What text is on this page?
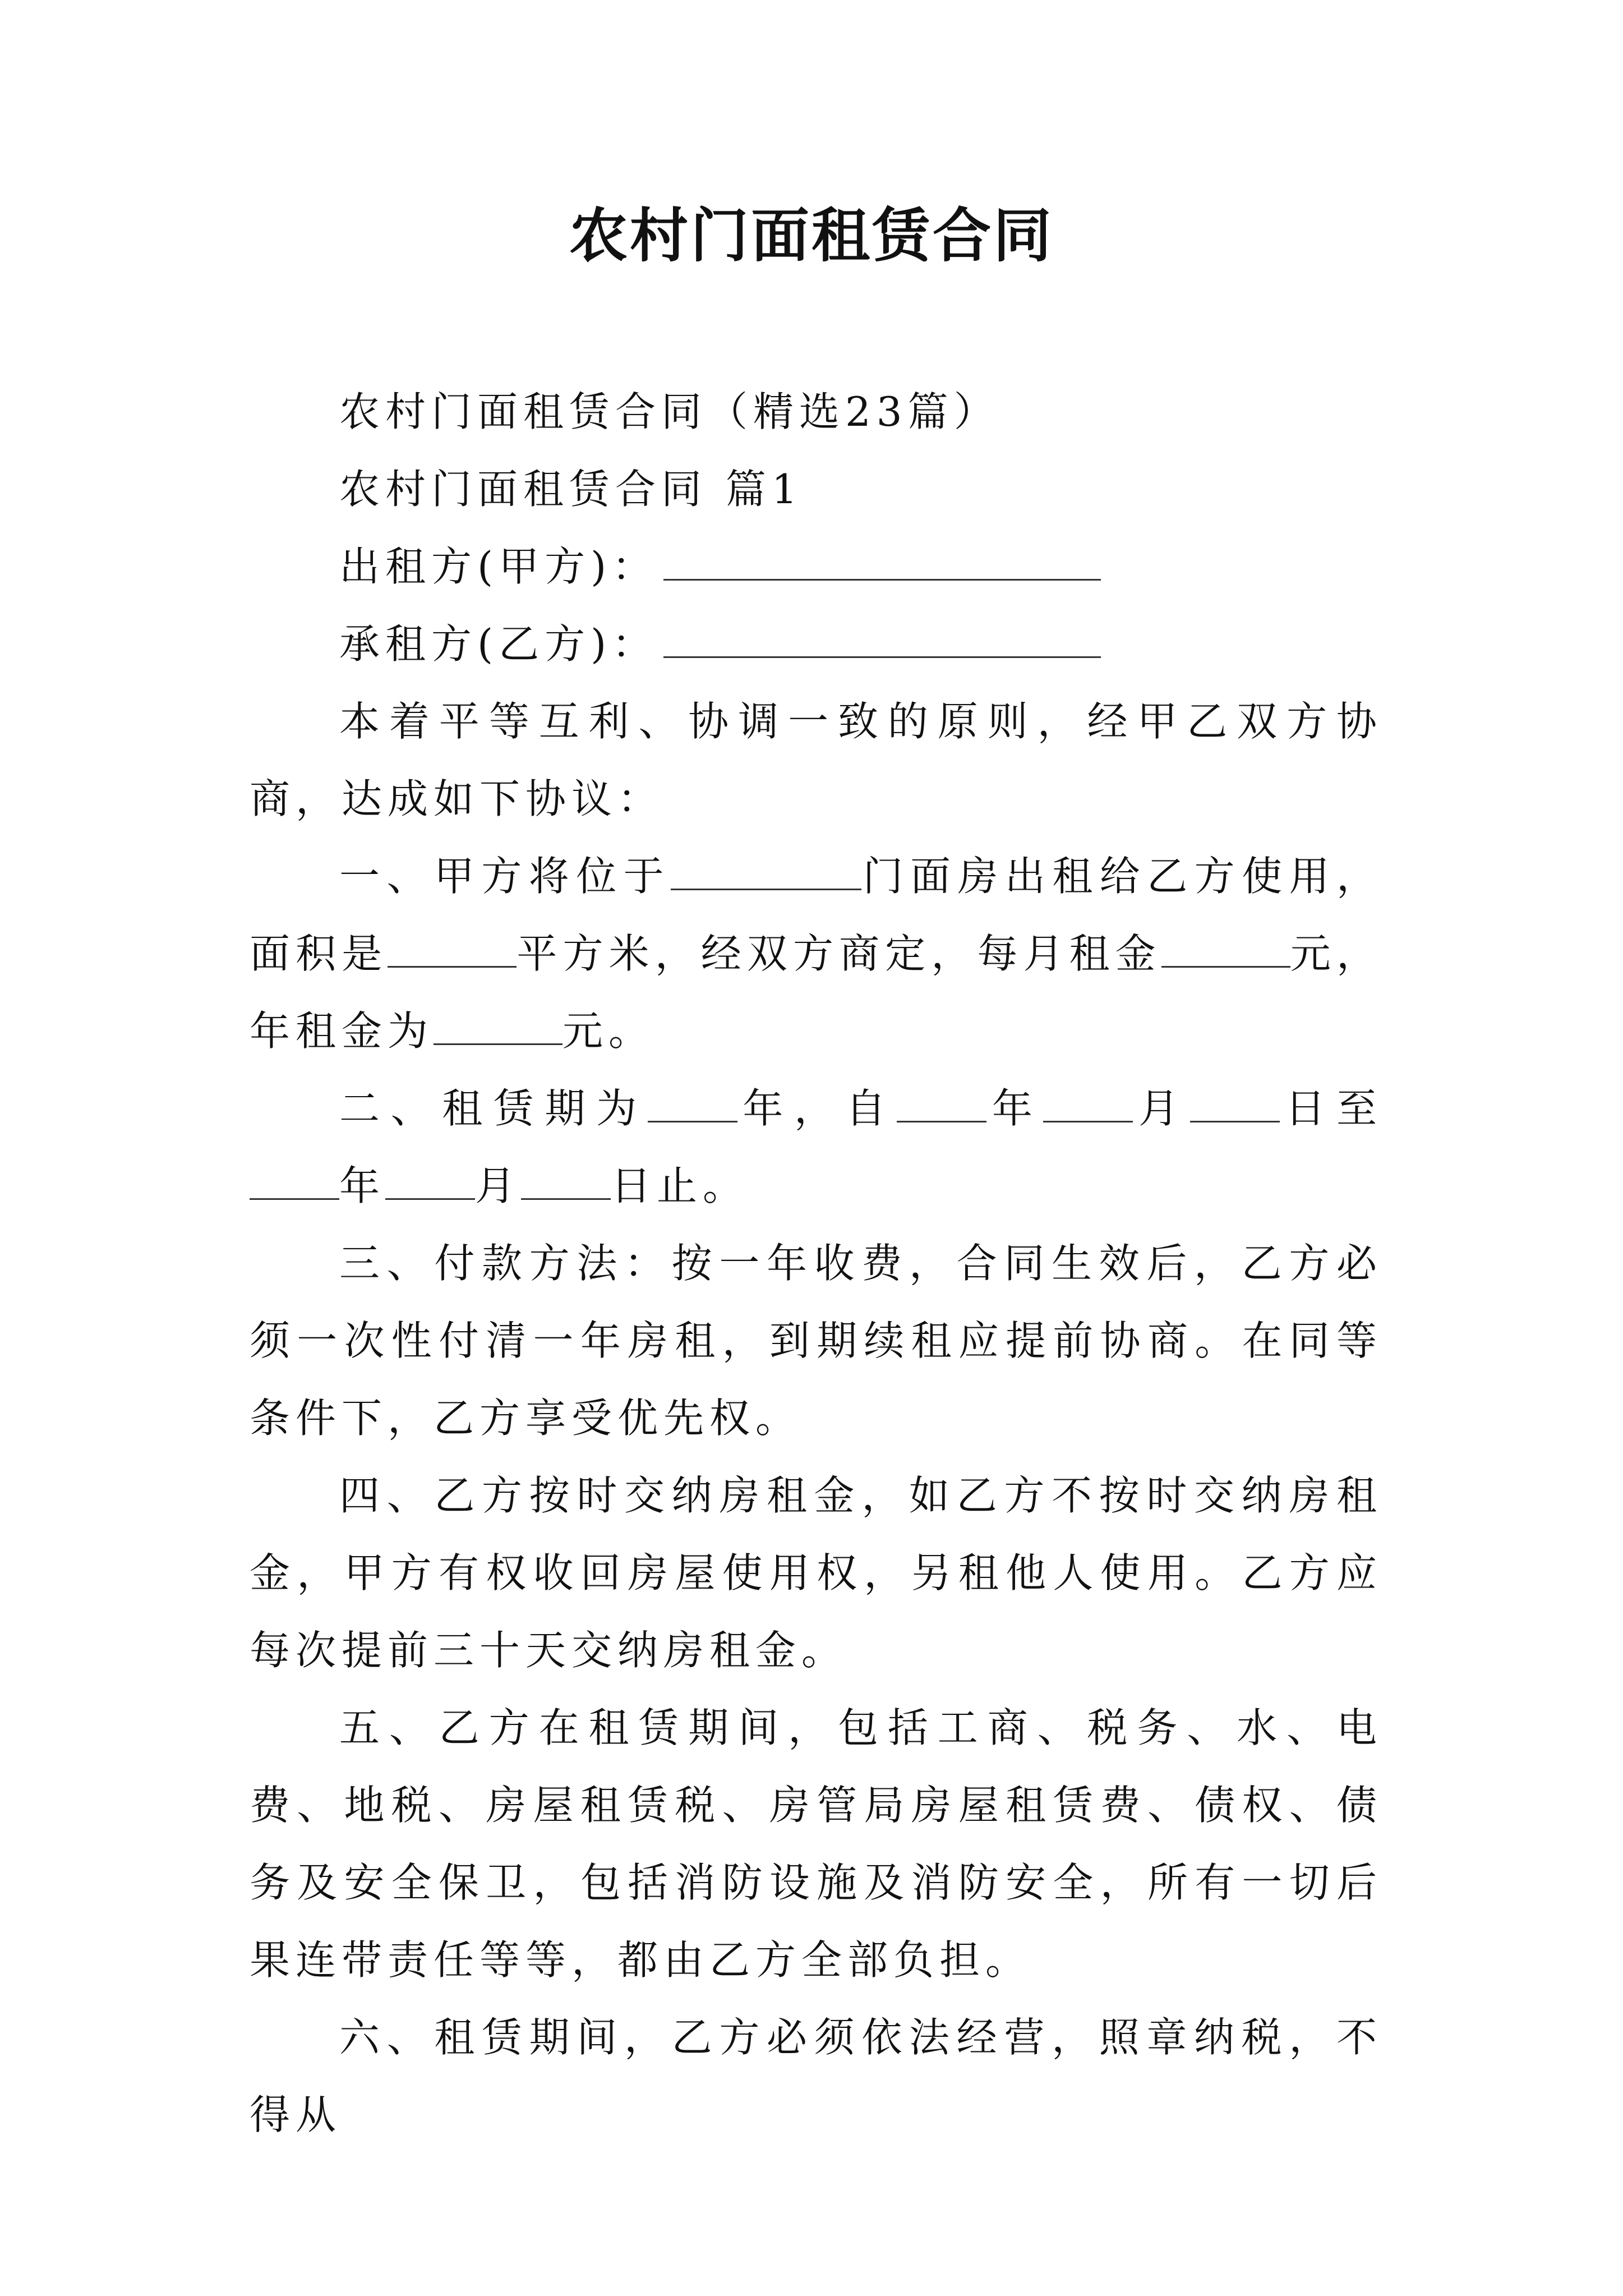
农村门面租赁合同

农村门面租赁合同（精选23篇）

农村门面租赁合同 篇1

出租方(甲方)：

承租方(乙方)：

本着平等互利、协调一致的原则，经甲乙双方协商，达成如下协议：

一、甲方将位于	门面房出租给乙方使用，面积是	平方米，经双方商定，每月租金	元，年租金为	元。

二、租赁期为 年，自 年 月 日至年 月 日止。

三、付款方法：按一年收费，合同生效后，乙方必须一次性付清一年房租，到期续租应提前协商。在同等条件下，乙方享受优先权。

四、乙方按时交纳房租金，如乙方不按时交纳房租金，甲方有权收回房屋使用权，另租他人使用。乙方应每次提前三十天交纳房租金。

五、乙方在租赁期间，包括工商、税务、水、电费、地税、房屋租赁税、房管局房屋租赁费、债权、债务及安全保卫，包括消防设施及消防安全，所有一切后果连带责任等等，都由乙方全部负担。

六、租赁期间，乙方必须依法经营，照章纳税，不得从
